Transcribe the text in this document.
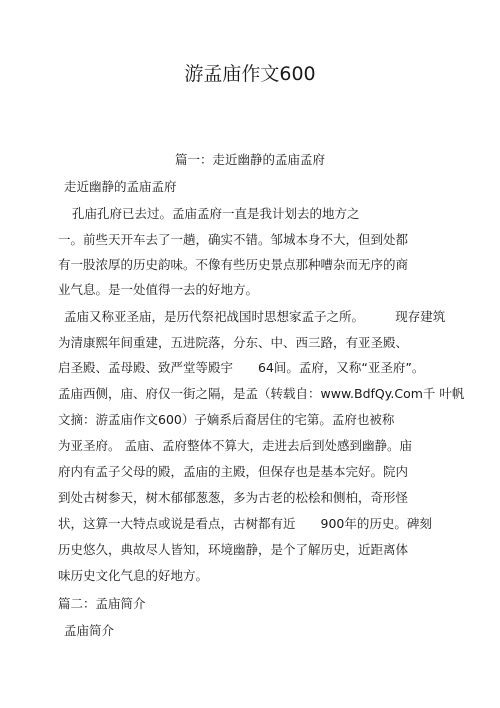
游孟庙作文600
篇一：走近幽静的孟庙孟府
走近幽静的孟庙孟府
孔庙孔府已去过。孟庙孟府一直是我计划去的地方之
一。前些天开车去了一趟，确实不错。邹城本身不大，但到处都
有一股浓厚的历史韵味。不像有些历史景点那种嘈杂而无序的商
业气息。是一处值得一去的好地方。
孟庙又称亚圣庙，是历代祭祀战国时思想家孟子之所。　　　现存建筑
为清康熙年间重建，五进院落，分东、中、西三路，有亚圣殿、
启圣殿、孟母殿、致严堂等殿宇　　64间。孟府，又称“亚圣府”。
孟庙西侧，庙、府仅一街之隔，是孟（转载自：www.BdfQy.Com千 叶帆
文摘：游孟庙作文600）子嫡系后裔居住的宅第。孟府也被称
为亚圣府。 孟庙、孟府整体不算大，走进去后到处感到幽静。庙
府内有孟子父母的殿，孟庙的主殿，但保存也是基本完好。院内
到处古树参天，树木郁郁葱葱，多为古老的松桧和侧柏，奇形怪
状，这算一大特点或说是看点，古树都有近　　900年的历史。碑刻
历史悠久，典故尽人皆知，环境幽静，是个了解历史，近距离体
味历史文化气息的好地方。
篇二：孟庙简介
孟庙简介
